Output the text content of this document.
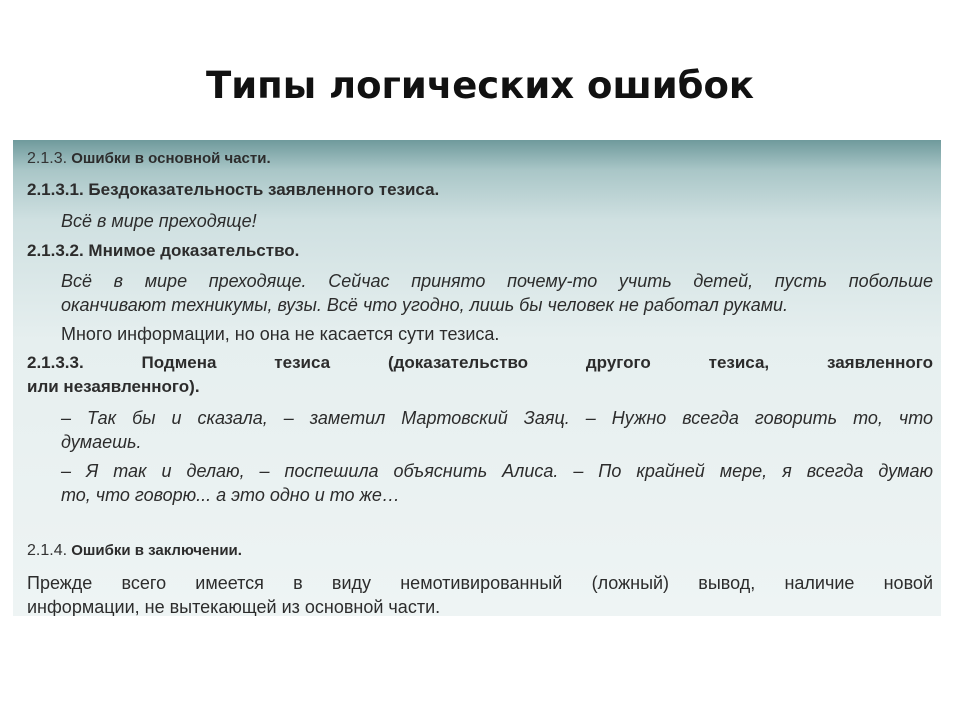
Типы логических ошибок
2.1.3. Ошибки в основной части.
2.1.3.1. Бездоказательность заявленного тезиса.
Всё в мире преходяще!
2.1.3.2. Мнимое доказательство.
Всё в мире преходяще. Сейчас принято почему-то учить детей, пусть побольше
оканчивают техникумы, вузы. Всё что угодно, лишь бы человек не работал руками.
Много информации, но она не касается сути тезиса.
2.1.3.3. Подмена тезиса (доказательство другого тезиса, заявленного
или незаявленного).
– Так бы и сказала, – заметил Мартовский Заяц. – Нужно всегда говорить то, что
думаешь.
– Я так и делаю, – поспешила объяснить Алиса. – По крайней мере, я всегда думаю
то, что говорю... а это одно и то же…
2.1.4. Ошибки в заключении.
Прежде всего имеется в виду немотивированный (ложный) вывод, наличие новой
информации, не вытекающей из основной части.
